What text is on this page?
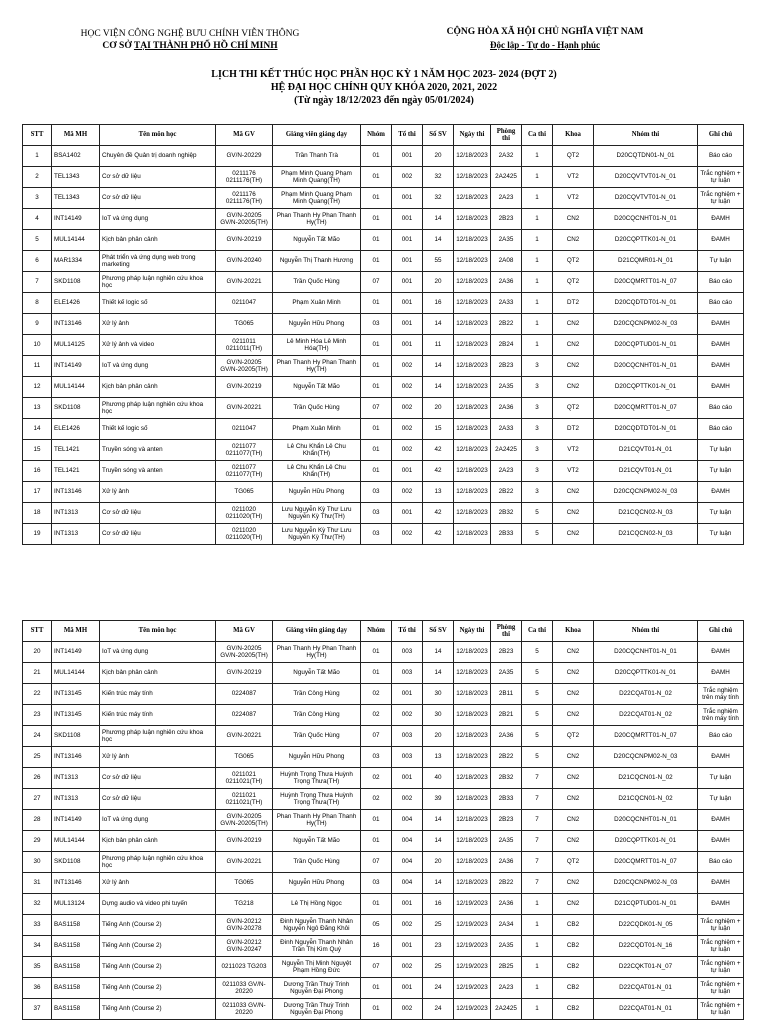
HỌC VIỆN CÔNG NGHỆ BƯU CHÍNH VIỄN THÔNG
CƠ SỞ TẠI THÀNH PHỐ HỒ CHÍ MINH
CỘNG HÒA XÃ HỘI CHỦ NGHĨA VIỆT NAM
Độc lập - Tự do - Hạnh phúc
LỊCH THI KẾT THÚC HỌC PHẦN HỌC KỲ 1 NĂM HỌC 2023- 2024 (ĐỢT 2)
HỆ ĐẠI HỌC CHÍNH QUY KHÓA 2020, 2021, 2022
(Từ ngày 18/12/2023 đến ngày 05/01/2024)
STT	Mã MH	Tên môn học	Mã GV	Giảng viên giảng dạy	Nhóm	Tổ thi	Số SV	Ngày thi	Phòng thi	Ca thi	Khoa	Nhóm thi	Ghi chú
1	BSA1402	Chuyên đề Quản trị doanh nghiệp	GV/N-20229	Trần Thanh Trà	01	001	20	12/18/2023	2A32	1	QT2	D20CQTDN01-N_01	Báo cáo
2	TEL1343	Cơ sở dữ liệu	0211176 0211176(TH)	Phạm Minh Quang Phạm Minh Quang(TH)	01	002	32	12/18/2023	2A2425	1	VT2	D20CQVTVT01-N_01	Trắc nghiệm + tự luận
3	TEL1343	Cơ sở dữ liệu	0211176 0211176(TH)	Phạm Minh Quang Phạm Minh Quang(TH)	01	001	32	12/18/2023	2A23	1	VT2	D20CQVTVT01-N_01	Trắc nghiệm + tự luận
4	INT14149	IoT và ứng dụng	GV/N-20205 GV/N-20205(TH)	Phan Thanh Hy Phan Thanh Hy(TH)	01	001	14	12/18/2023	2B23	1	CN2	D20CQCNHT01-N_01	ĐAMH
5	MUL14144	Kịch bản phân cảnh	GV/N-20219	Nguyễn Tất Mão	01	001	14	12/18/2023	2A35	1	CN2	D20CQPTTK01-N_01	ĐAMH
6	MAR1334	Phát triển và ứng dụng web trong marketing	GV/N-20240	Nguyễn Thị Thanh Hương	01	001	55	12/18/2023	2A08	1	QT2	D21CQMR01-N_01	Tự luận
7	SKD1108	Phương pháp luận nghiên cứu khoa học	GV/N-20221	Trần Quốc Hùng	07	001	20	12/18/2023	2A36	1	QT2	D20CQMRTT01-N_07	Báo cáo
8	ELE1426	Thiết kế logic số	0211047	Phạm Xuân Minh	01	001	16	12/18/2023	2A33	1	DT2	D20CQDTDT01-N_01	Báo cáo
9	INT13146	Xử lý ảnh	TG065	Nguyễn Hữu Phong	03	001	14	12/18/2023	2B22	1	CN2	D20CQCNPM02-N_03	ĐAMH
10	MUL14125	Xử lý ảnh và video	0211011 0211011(TH)	Lê Minh Hóa Lê Minh Hóa(TH)	01	001	11	12/18/2023	2B24	1	CN2	D20CQPTUD01-N_01	ĐAMH
11	INT14149	IoT và ứng dụng	GV/N-20205 GV/N-20205(TH)	Phan Thanh Hy Phan Thanh Hy(TH)	01	002	14	12/18/2023	2B23	3	CN2	D20CQCNHT01-N_01	ĐAMH
12	MUL14144	Kịch bản phân cảnh	GV/N-20219	Nguyễn Tất Mão	01	002	14	12/18/2023	2A35	3	CN2	D20CQPTTK01-N_01	ĐAMH
13	SKD1108	Phương pháp luận nghiên cứu khoa học	GV/N-20221	Trần Quốc Hùng	07	002	20	12/18/2023	2A36	3	QT2	D20CQMRTT01-N_07	Báo cáo
14	ELE1426	Thiết kế logic số	0211047	Phạm Xuân Minh	01	002	15	12/18/2023	2A33	3	DT2	D20CQDTDT01-N_01	Báo cáo
15	TEL1421	Truyền sóng và anten	0211077 0211077(TH)	Lê Chu Khẩn Lê Chu Khẩn(TH)	01	002	42	12/18/2023	2A2425	3	VT2	D21CQVT01-N_01	Tự luận
16	TEL1421	Truyền sóng và anten	0211077 0211077(TH)	Lê Chu Khẩn Lê Chu Khẩn(TH)	01	001	42	12/18/2023	2A23	3	VT2	D21CQVT01-N_01	Tự luận
17	INT13146	Xử lý ảnh	TG065	Nguyễn Hữu Phong	03	002	13	12/18/2023	2B22	3	CN2	D20CQCNPM02-N_03	ĐAMH
18	INT1313	Cơ sở dữ liệu	0211020 0211020(TH)	Lưu Nguyễn Kỳ Thư Lưu Nguyễn Kỳ Thư(TH)	03	001	42	12/18/2023	2B32	5	CN2	D21CQCN02-N_03	Tự luận
19	INT1313	Cơ sở dữ liệu	0211020 0211020(TH)	Lưu Nguyễn Kỳ Thư Lưu Nguyễn Kỳ Thư(TH)	03	002	42	12/18/2023	2B33	5	CN2	D21CQCN02-N_03	Tự luận
STT	Mã MH	Tên môn học	Mã GV	Giảng viên giảng dạy	Nhóm	Tổ thi	Số SV	Ngày thi	Phòng thi	Ca thi	Khoa	Nhóm thi	Ghi chú
20	INT14149	IoT và ứng dụng	GV/N-20205 GV/N-20205(TH)	Phan Thanh Hy Phan Thanh Hy(TH)	01	003	14	12/18/2023	2B23	5	CN2	D20CQCNHT01-N_01	ĐAMH
21	MUL14144	Kịch bản phân cảnh	GV/N-20219	Nguyễn Tất Mão	01	003	14	12/18/2023	2A35	5	CN2	D20CQPTTK01-N_01	ĐAMH
22	INT13145	Kiến trúc máy tính	0224087	Trần Công Hùng	02	001	30	12/18/2023	2B11	5	CN2	D22CQAT01-N_02	Trắc nghiệm trên máy tính
23	INT13145	Kiến trúc máy tính	0224087	Trần Công Hùng	02	002	30	12/18/2023	2B21	5	CN2	D22CQAT01-N_02	Trắc nghiệm trên máy tính
24	SKD1108	Phương pháp luận nghiên cứu khoa học	GV/N-20221	Trần Quốc Hùng	07	003	20	12/18/2023	2A36	5	QT2	D20CQMRTT01-N_07	Báo cáo
25	INT13146	Xử lý ảnh	TG065	Nguyễn Hữu Phong	03	003	13	12/18/2023	2B22	5	CN2	D20CQCNPM02-N_03	ĐAMH
26	INT1313	Cơ sở dữ liệu	0211021 0211021(TH)	Huỳnh Trọng Thưa Huỳnh Trọng Thưa(TH)	02	001	40	12/18/2023	2B32	7	CN2	D21CQCN01-N_02	Tự luận
27	INT1313	Cơ sở dữ liệu	0211021 0211021(TH)	Huỳnh Trọng Thưa Huỳnh Trọng Thưa(TH)	02	002	39	12/18/2023	2B33	7	CN2	D21CQCN01-N_02	Tự luận
28	INT14149	IoT và ứng dụng	GV/N-20205 GV/N-20205(TH)	Phan Thanh Hy Phan Thanh Hy(TH)	01	004	14	12/18/2023	2B23	7	CN2	D20CQCNHT01-N_01	ĐAMH
29	MUL14144	Kịch bản phân cảnh	GV/N-20219	Nguyễn Tất Mão	01	004	14	12/18/2023	2A35	7	CN2	D20CQPTTK01-N_01	ĐAMH
30	SKD1108	Phương pháp luận nghiên cứu khoa học	GV/N-20221	Trần Quốc Hùng	07	004	20	12/18/2023	2A36	7	QT2	D20CQMRTT01-N_07	Báo cáo
31	INT13146	Xử lý ảnh	TG065	Nguyễn Hữu Phong	03	004	14	12/18/2023	2B22	7	CN2	D20CQCNPM02-N_03	ĐAMH
32	MUL13124	Dựng audio và video phi tuyến	TG218	Lê Thị Hồng Ngọc	01	001	16	12/19/2023	2A36	1	CN2	D21CQPTUD01-N_01	ĐAMH
33	BAS1158	Tiếng Anh (Course 2)	GV/N-20212 GV/N-20278	Đinh Nguyễn Thanh Nhân Nguyễn Ngô Đăng Khôi	05	002	25	12/19/2023	2A34	1	CB2	D22CQDK01-N_05	Trắc nghiệm + tự luận
34	BAS1158	Tiếng Anh (Course 2)	GV/N-20212 GV/N-20247	Đinh Nguyễn Thanh Nhân Trần Thị Kim Quý	16	001	23	12/19/2023	2A35	1	CB2	D22CQDT01-N_16	Trắc nghiệm + tự luận
35	BAS1158	Tiếng Anh (Course 2)	0211023 TG203	Nguyễn Thị Minh Nguyệt Phạm Hồng Đức	07	002	25	12/19/2023	2B25	1	CB2	D22CQKT01-N_07	Trắc nghiệm + tự luận
36	BAS1158	Tiếng Anh (Course 2)	0211033 GV/N-20220	Dương Trần Thuỳ Trinh Nguyễn Đại Phong	01	001	24	12/19/2023	2A23	1	CB2	D22CQAT01-N_01	Trắc nghiệm + tự luận
37	BAS1158	Tiếng Anh (Course 2)	0211033 GV/N-20220	Dương Trần Thuỳ Trinh Nguyễn Đại Phong	01	002	24	12/19/2023	2A2425	1	CB2	D22CQAT01-N_01	Trắc nghiệm + tự luận
